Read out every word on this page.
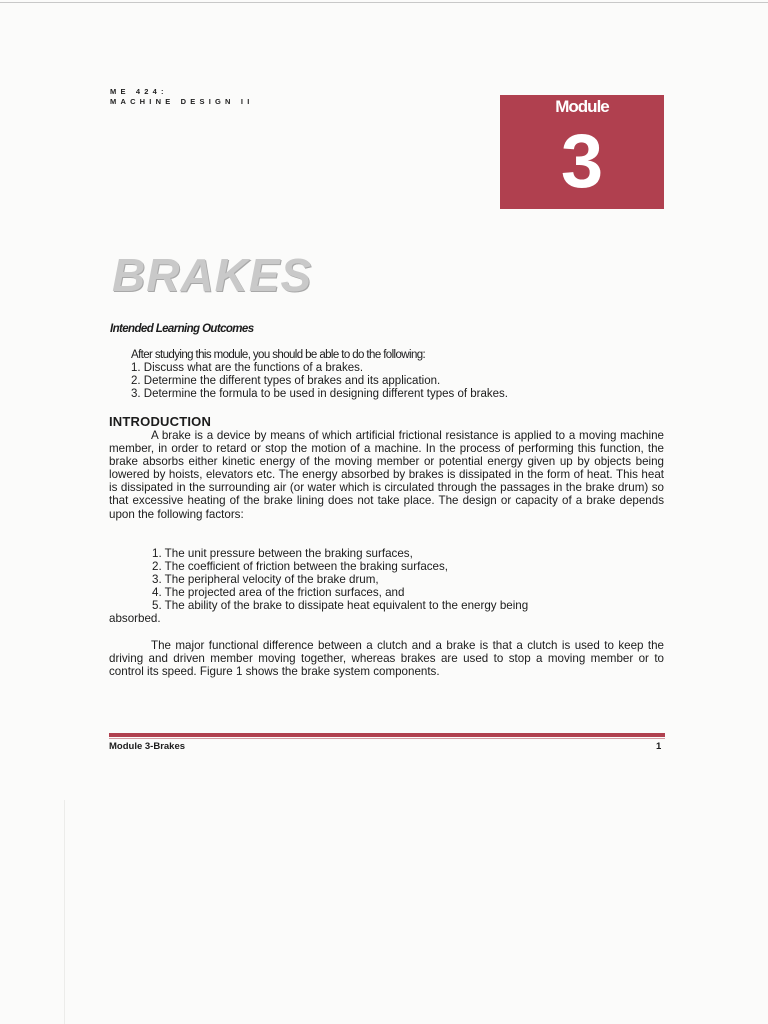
ME 424:
MACHINE DESIGN II	Module
3
BRAKES
Intended Learning Outcomes
After studying this module, you should be able to do the following:
1. Discuss what are the functions of a brakes.
2. Determine the different types of brakes and its application.
3. Determine the formula to be used in designing different types of brakes.
INTRODUCTION
A brake is a device by means of which artificial frictional resistance is applied to a moving machine member, in order to retard or stop the motion of a machine. In the process of performing this function, the brake absorbs either kinetic energy of the moving member or potential energy given up by objects being lowered by hoists, elevators etc. The energy absorbed by brakes is dissipated in the form of heat. This heat is dissipated in the surrounding air (or water which is circulated through the passages in the brake drum) so that excessive heating of the brake lining does not take place. The design or capacity of a brake depends upon the following factors:
1. The unit pressure between the braking surfaces,
2. The coefficient of friction between the braking surfaces,
3. The peripheral velocity of the brake drum,
4. The projected area of the friction surfaces, and
5. The ability of the brake to dissipate heat equivalent to the energy being
absorbed.
The major functional difference between a clutch and a brake is that a clutch is used to keep the driving and driven member moving together, whereas brakes are used to stop a moving member or to control its speed. Figure 1 shows the brake system components.
Module 3-Brakes	1
